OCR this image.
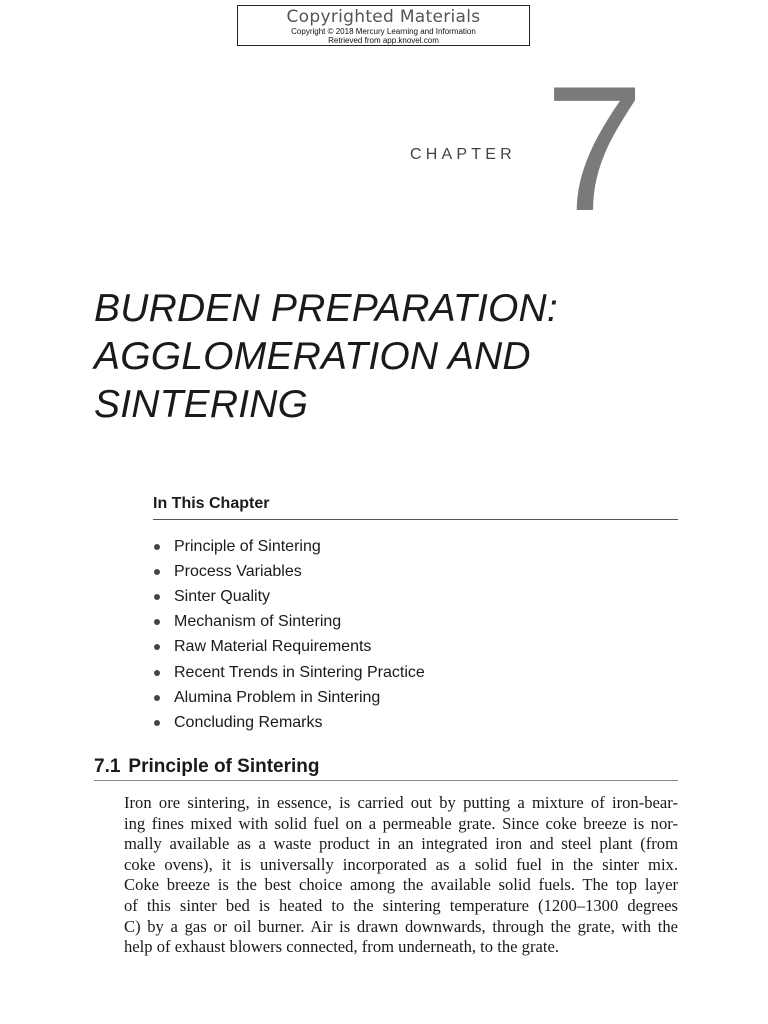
Copyrighted Materials
Copyright © 2018 Mercury Learning and Information
Retrieved from app.knovel.com
CHAPTER 7
BURDEN PREPARATION:
AGGLOMERATION AND
SINTERING
In This Chapter
Principle of Sintering
Process Variables
Sinter Quality
Mechanism of Sintering
Raw Material Requirements
Recent Trends in Sintering Practice
Alumina Problem in Sintering
Concluding Remarks
7.1 Principle of Sintering

Iron ore sintering, in essence, is carried out by putting a mixture of iron-bear-
ing fines mixed with solid fuel on a permeable grate. Since coke breeze is nor-
mally available as a waste product in an integrated iron and steel plant (from
coke ovens), it is universally incorporated as a solid fuel in the sinter mix.
Coke breeze is the best choice among the available solid fuels. The top layer
of this sinter bed is heated to the sintering temperature (1200–1300 degrees
C) by a gas or oil burner. Air is drawn downwards, through the grate, with the
help of exhaust blowers connected, from underneath, to the grate.
